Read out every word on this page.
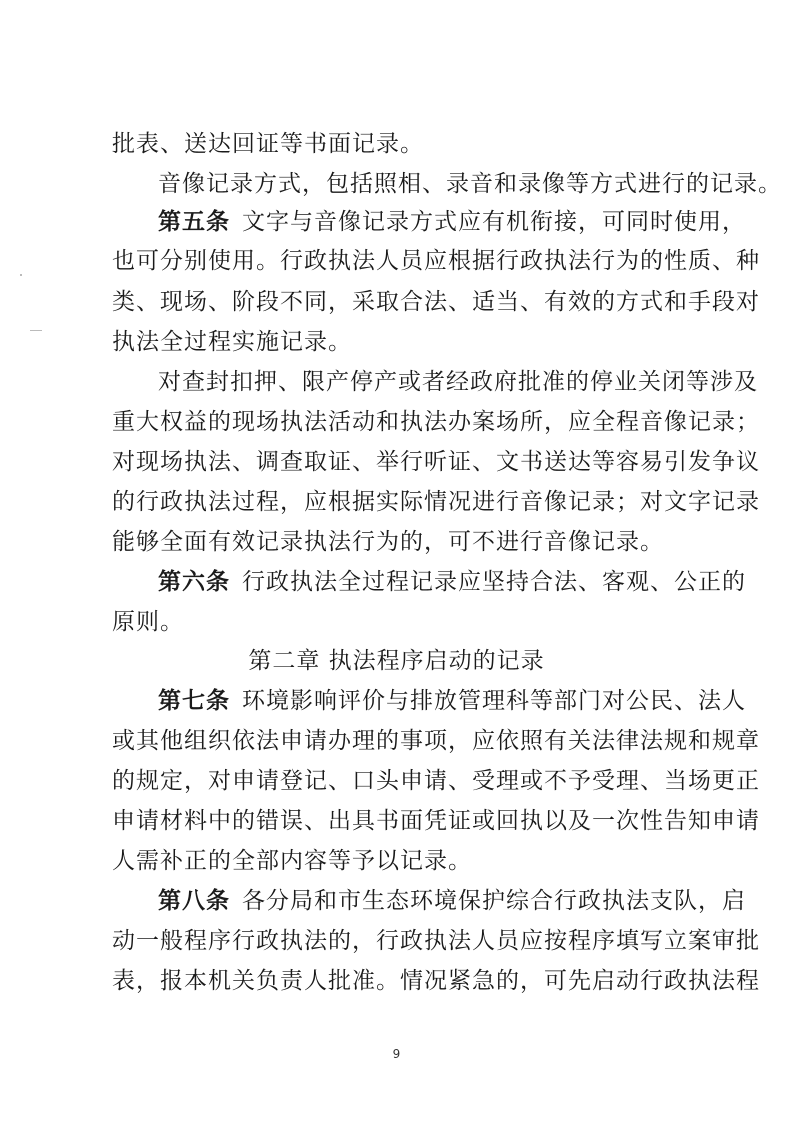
批表、送达回证等书面记录。
音像记录方式，包括照相、录音和录像等方式进行的记录。
第五条 文字与音像记录方式应有机衔接，可同时使用，
也可分别使用。行政执法人员应根据行政执法行为的性质、种
类、现场、阶段不同，采取合法、适当、有效的方式和手段对
执法全过程实施记录。
对查封扣押、限产停产或者经政府批准的停业关闭等涉及
重大权益的现场执法活动和执法办案场所，应全程音像记录；
对现场执法、调查取证、举行听证、文书送达等容易引发争议
的行政执法过程，应根据实际情况进行音像记录；对文字记录
能够全面有效记录执法行为的，可不进行音像记录。
第六条 行政执法全过程记录应坚持合法、客观、公正的
原则。
第二章 执法程序启动的记录
第七条 环境影响评价与排放管理科等部门对公民、法人
或其他组织依法申请办理的事项，应依照有关法律法规和规章
的规定，对申请登记、口头申请、受理或不予受理、当场更正
申请材料中的错误、出具书面凭证或回执以及一次性告知申请
人需补正的全部内容等予以记录。
第八条 各分局和市生态环境保护综合行政执法支队，启
动一般程序行政执法的，行政执法人员应按程序填写立案审批
表，报本机关负责人批准。情况紧急的，可先启动行政执法程
9
